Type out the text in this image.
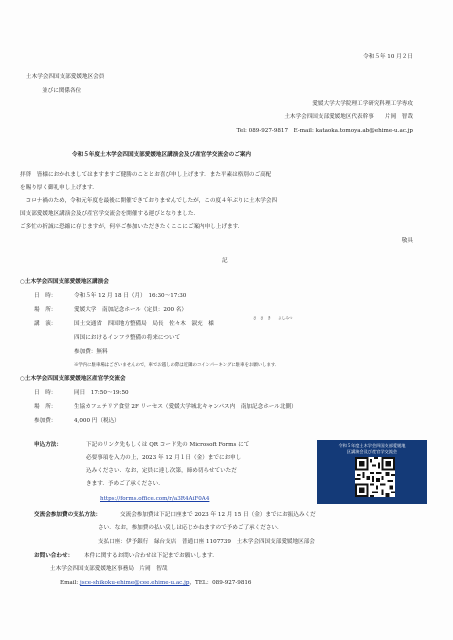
令和５年 10 月２日
土木学会四国支部愛媛地区会員
並びに関係各位
愛媛大学大学院理工学研究科理工学専攻
土木学会四国支部愛媛地区代表幹事　　片岡　智哉
Tel: 089-927-9817　E-mail: kataoka.tomoya.ab@ehime-u.ac.jp
令和５年度土木学会四国支部愛媛地区講演会及び産官学交流会のご案内
拝啓　皆様におかれましてはますますご健勝のこととお喜び申し上げます．また平素は格別のご高配
を賜り厚く御礼申し上げます．
　コロナ禍のため，令和元年度を最後に開催できておりませんでしたが，この度４年ぶりに土木学会四
国支部愛媛地区講演会及び産官学交流会を開催する運びとなりました．
ご多忙の折誠に恐縮に存じますが，何卒ご参加いただきたくここにご案内申し上げます．
敬具
記
○土木学会四国支部愛媛地区講演会
日　時：	令和５年 12 月 18 日（月）　16:30～17:30
場　所：	愛媛大学　南加記念ホール（定員：200 名）
さ　さ　き　　よしみつ
講　演：	国土交通省　四国地方整備局　局長　佐々木　淑充　様
四国におけるインフラ整備の将来について
参加費：無料
※学内に駐車場はございませんので，車でお越しの際は近隣のコインパーキングに駐車をお願いします．
○土木学会四国支部愛媛地区産官学交流会
日　時：	同日　17:50～19:50
場　所：	生協カフェテリア食堂 2F リーセス（愛媛大学城北キャンパス内　南加記念ホール北側）
参加費：	4,000 円（税込）
申込方法：	下記のリンク先もしくは QR コード先の Microsoft Forms にて
必要事項を入力の上，2023 年 12 月１日（金）までにお申し
込みください．なお，定員に達し次第，締め切らせていただ
きます．予めご了承ください．
https://forms.office.com/r/a3R4AiF0A4
令和５年度土木学会四国支部愛媛地
区講演会及び産官学交流会
交流会参加費の支払方法：	交流会参加費は下記口座まで 2023 年 12 月 15 日（金）までにお振込みくだ
さい．なお，参加費の払い戻しは応じかねますので予めご了承ください．
支払口座：伊予銀行　緑台支店　普通口座 1107739　土木学会四国支部愛媛地区部会
お問い合わせ： 本件に関するお問い合わせは下記までお願いします．
土木学会四国支部愛媛地区事務局　片岡　智哉
Email: jsce-shikoku-ehime@cee.ehime-u.ac.jp，TEL：089-927-9816
